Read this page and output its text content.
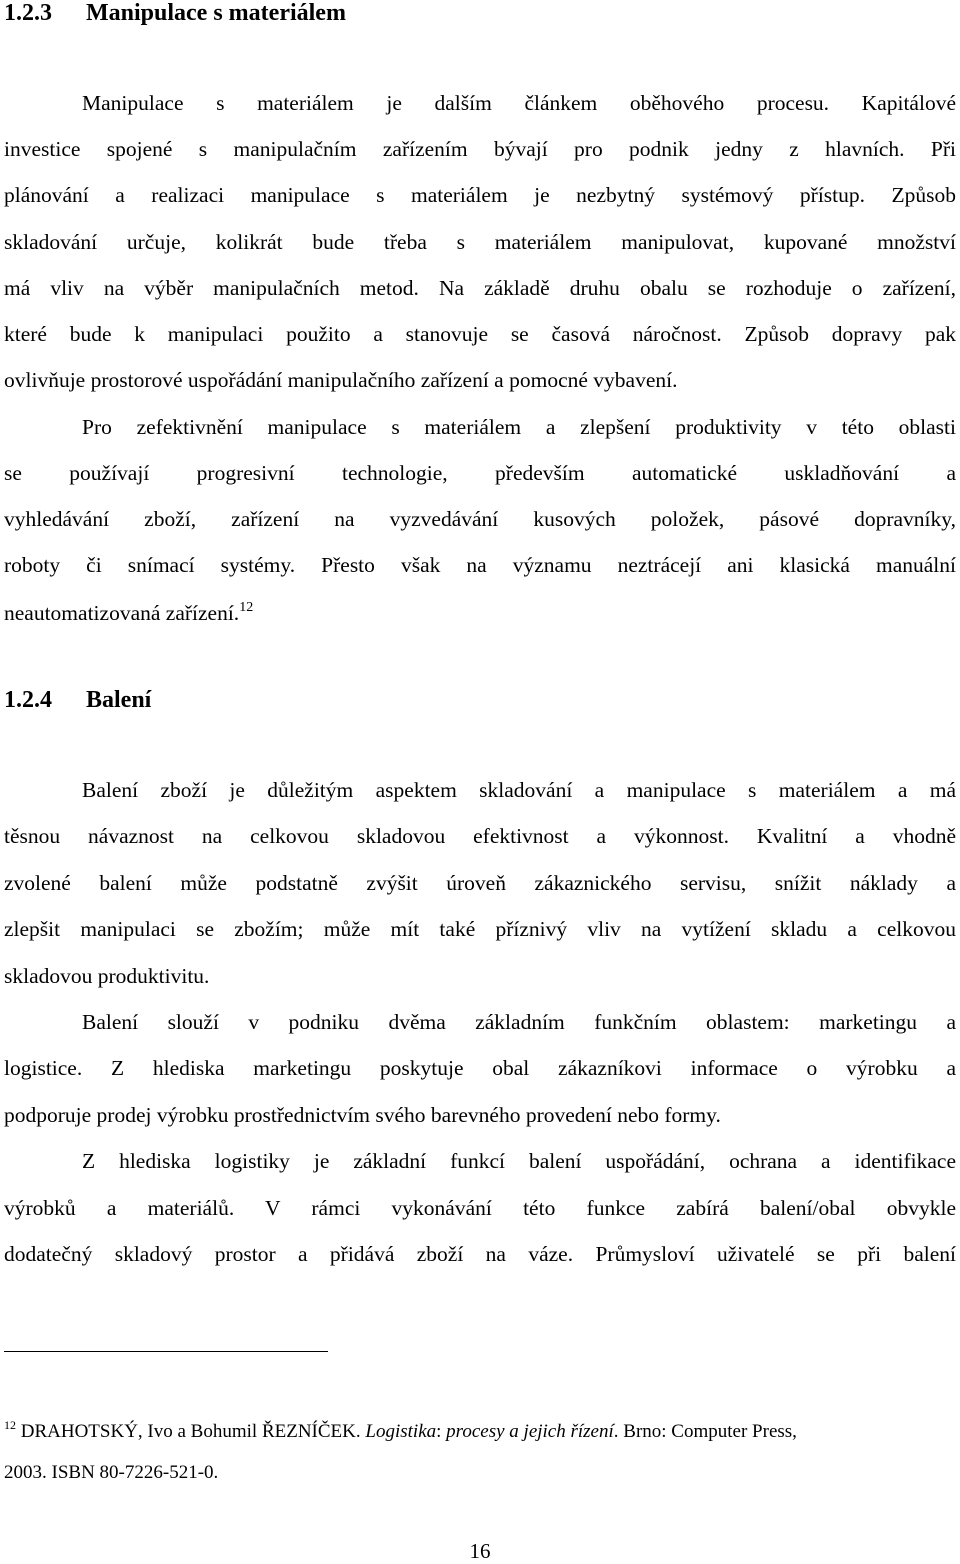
1.2.3 Manipulace s materiálem
Manipulace s materiálem je dalším článkem oběhového procesu. Kapitálové
investice spojené s manipulačním zařízením bývají pro podnik jedny z hlavních. Při
plánování a realizaci manipulace s materiálem je nezbytný systémový přístup. Způsob
skladování určuje, kolikrát bude třeba s materiálem manipulovat, kupované množství
má vliv na výběr manipulačních metod. Na základě druhu obalu se rozhoduje o zařízení,
které bude k manipulaci použito a stanovuje se časová náročnost. Způsob dopravy pak
ovlivňuje prostorové uspořádání manipulačního zařízení a pomocné vybavení.
Pro zefektivnění manipulace s materiálem a zlepšení produktivity v této oblasti
se používají progresivní technologie, především automatické uskladňování a
vyhledávání zboží, zařízení na vyzvedávání kusových položek, pásové dopravníky,
roboty či snímací systémy. Přesto však na významu neztrácejí ani klasická manuální
neautomatizovaná zařízení.$^{12}$
1.2.4 Balení
Balení zboží je důležitým aspektem skladování a manipulace s materiálem a má
těsnou návaznost na celkovou skladovou efektivnost a výkonnost. Kvalitní a vhodně
zvolené balení může podstatně zvýšit úroveň zákaznického servisu, snížit náklady a
zlepšit manipulaci se zbožím; může mít také příznivý vliv na vytížení skladu a celkovou
skladovou produktivitu.
Balení slouží v podniku dvěma základním funkčním oblastem: marketingu a
logistice. Z hlediska marketingu poskytuje obal zákazníkovi informace o výrobku a
podporuje prodej výrobku prostřednictvím svého barevného provedení nebo formy.
Z hlediska logistiky je základní funkcí balení uspořádání, ochrana a identifikace
výrobků a materiálů. V rámci vykonávání této funkce zabírá balení/obal obvykle
dodatečný skladový prostor a přidává zboží na váze. Průmysloví uživatelé se při balení
$^{12}$ DRAHOTSKÝ, Ivo a Bohumil ŘEZNÍČEK. Logistika: procesy a jejich řízení. Brno: Computer Press,
2003. ISBN 80-7226-521-0.
16
